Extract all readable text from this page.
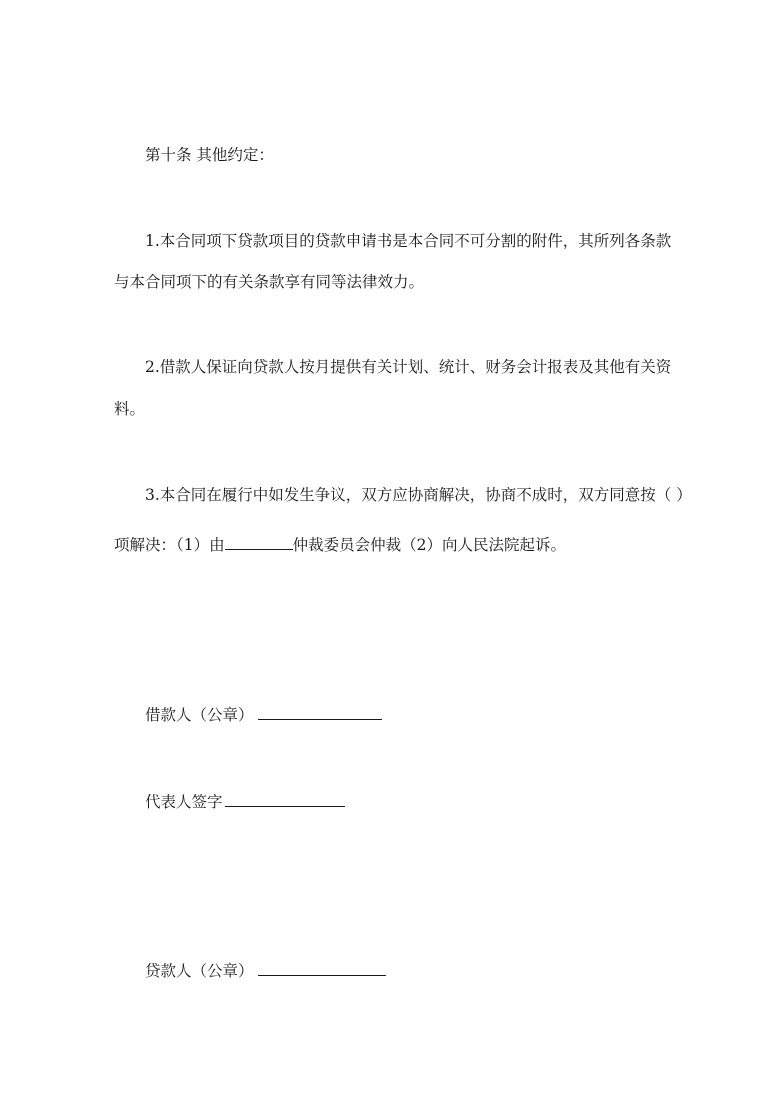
第十条 其他约定：

1.本合同项下贷款项目的贷款申请书是本合同不可分割的附件，其所列各条款

与本合同项下的有关条款享有同等法律效力。

2.借款人保证向贷款人按月提供有关计划、统计、财务会计报表及其他有关资

料。

3.本合同在履行中如发生争议，双方应协商解决，协商不成时，双方同意按（ ）

项解决：（1）由	仲裁委员会仲裁（2）向人民法院起诉。

借款人（公章）

代表人签字

贷款人（公章）
